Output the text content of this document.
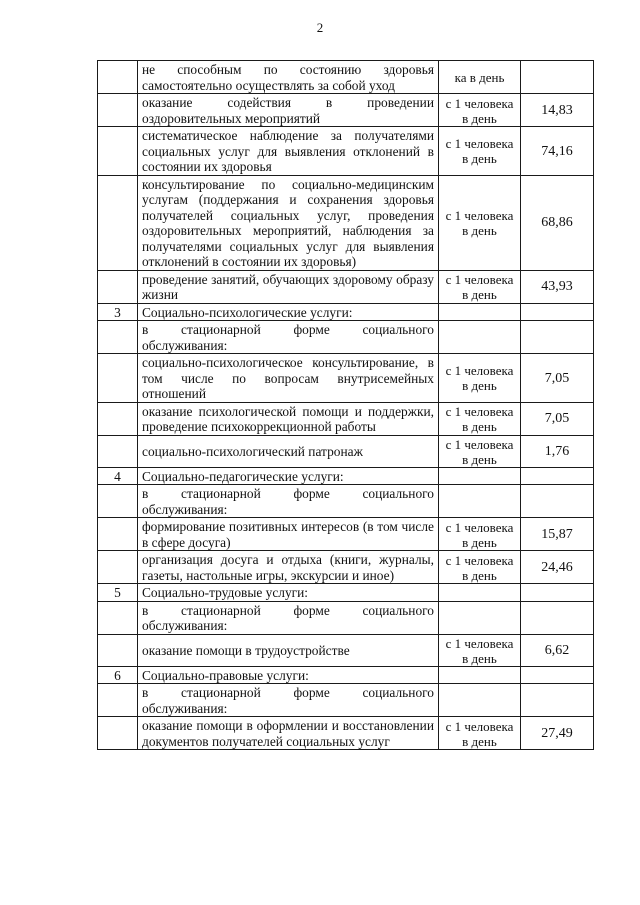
2
	не способным по состоянию здоровья самостоятельно осуществлять за собой уход	ка в день	
	оказание содействия в проведении оздоровительных мероприятий	с 1 человека в день	14,83
	систематическое наблюдение за получателями социальных услуг для выявления отклонений в состоянии их здоровья	с 1 человека в день	74,16
	консультирование по социально-медицинским услугам (поддержания и сохранения здоровья получателей социальных услуг, проведения оздоровительных мероприятий, наблюдения за получателями социальных услуг для выявления отклонений в состоянии их здоровья)	с 1 человека в день	68,86
	проведение занятий, обучающих здоровому образу жизни	с 1 человека в день	43,93
3	Социально-психологические услуги:		
	в стационарной форме социального обслуживания:		
	социально-психологическое консультирование, в том числе по вопросам внутрисемейных отношений	с 1 человека в день	7,05
	оказание психологической помощи и поддержки, проведение психокоррекционной работы	с 1 человека в день	7,05
	социально-психологический патронаж	с 1 человека в день	1,76
4	Социально-педагогические услуги:		
	в стационарной форме социального обслуживания:		
	формирование позитивных интересов (в том числе в сфере досуга)	с 1 человека в день	15,87
	организация досуга и отдыха (книги, журналы, газеты, настольные игры, экскурсии и иное)	с 1 человека в день	24,46
5	Социально-трудовые услуги:		
	в стационарной форме социального обслуживания:		
	оказание помощи в трудоустройстве	с 1 человека в день	6,62
6	Социально-правовые услуги:		
	в стационарной форме социального обслуживания:		
	оказание помощи в оформлении и восстановлении документов получателей социальных услуг	с 1 человека в день	27,49
